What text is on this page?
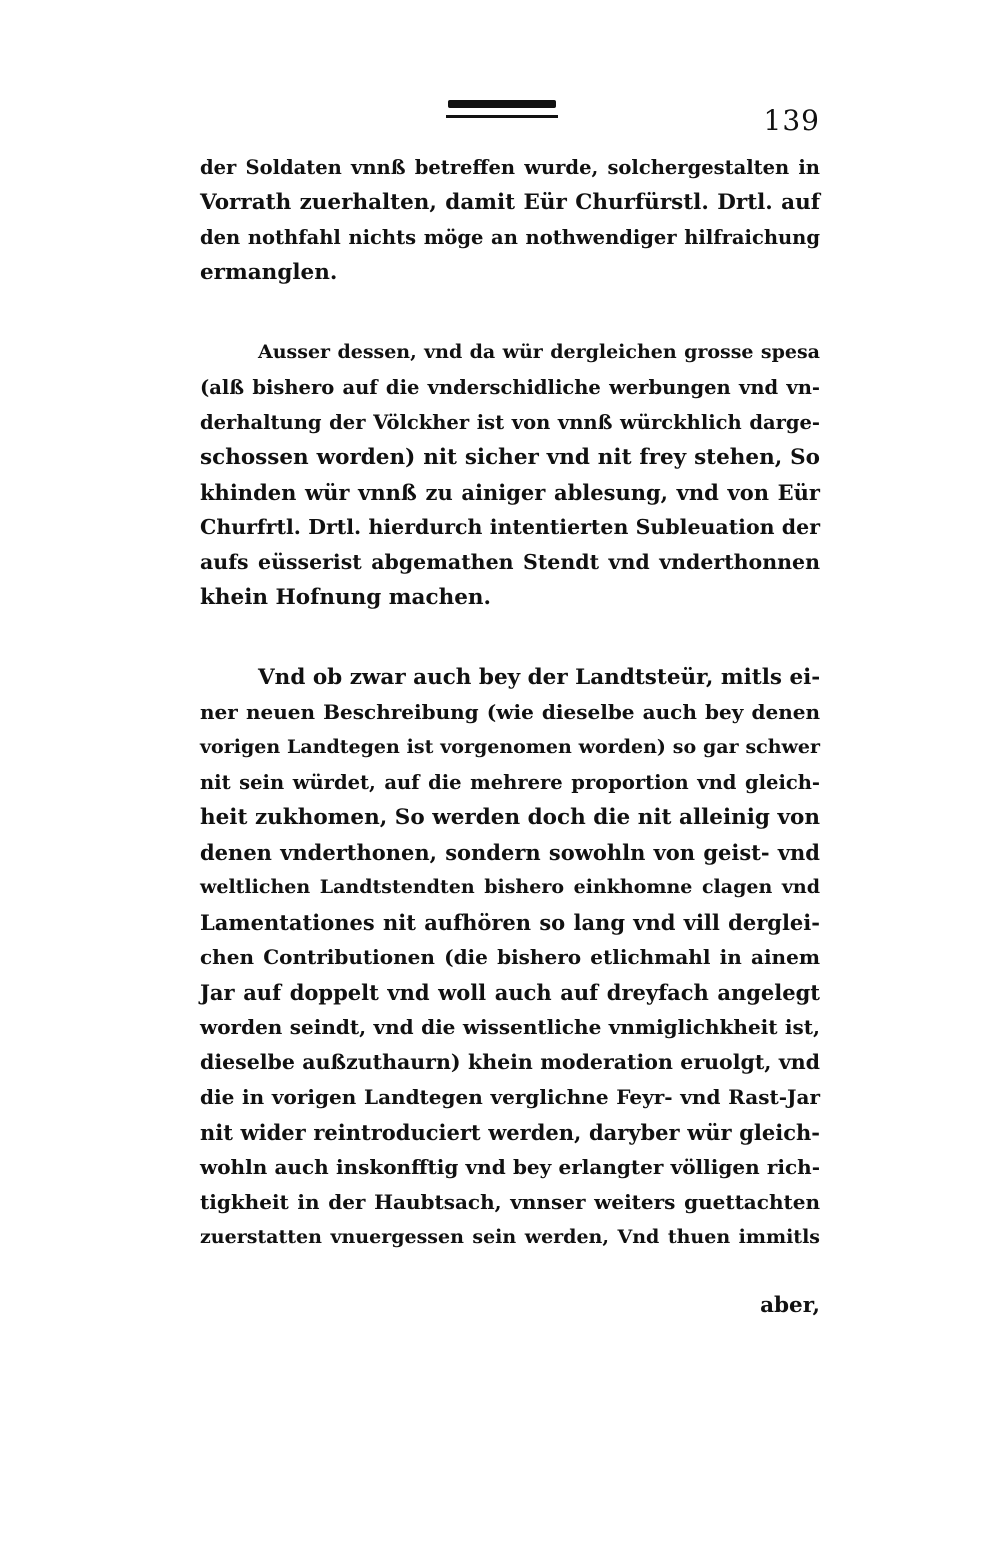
139
der Soldaten vnnß betreffen wurde, solchergestalten in
Vorrath zuerhalten, damit Eür Churfürstl. Drtl. auf
den nothfahl nichts möge an nothwendiger hilfraichung
ermanglen.
Ausser dessen, vnd da wür dergleichen grosse spesa
(alß bishero auf die vnderschidliche werbungen vnd vn-
derhaltung der Völckher ist von vnnß würckhlich darge-
schossen worden) nit sicher vnd nit frey stehen, So
khinden wür vnnß zu ainiger ablesung, vnd von Eür
Churfrtl. Drtl. hierdurch intentierten Subleuation der
aufs eüsserist abgemathen Stendt vnd vnderthonnen
khein Hofnung machen.
Vnd ob zwar auch bey der Landtsteür, mitls ei-
ner neuen Beschreibung (wie dieselbe auch bey denen
vorigen Landtegen ist vorgenomen worden) so gar schwer
nit sein würdet, auf die mehrere proportion vnd gleich-
heit zukhomen, So werden doch die nit alleinig von
denen vnderthonen, sondern sowohln von geist- vnd
weltlichen Landtstendten bishero einkhomne clagen vnd
Lamentationes nit aufhören so lang vnd vill derglei-
chen Contributionen (die bishero etlichmahl in ainem
Jar auf doppelt vnd woll auch auf dreyfach angelegt
worden seindt, vnd die wissentliche vnmiglichkheit ist,
dieselbe außzuthaurn) khein moderation eruolgt, vnd
die in vorigen Landtegen verglichne Feyr- vnd Rast-Jar
nit wider reintroduciert werden, daryber wür gleich-
wohln auch inskonfftig vnd bey erlangter völligen rich-
tigkheit in der Haubtsach, vnnser weiters guettachten
zuerstatten vnuergessen sein werden, Vnd thuen immitls
aber,
